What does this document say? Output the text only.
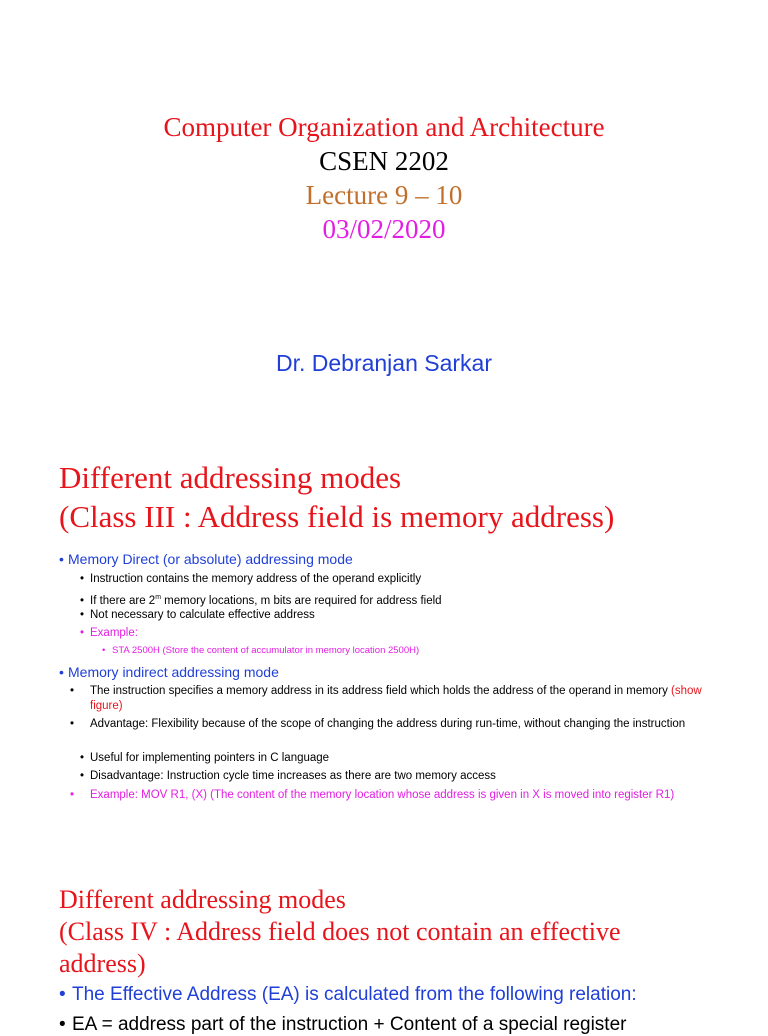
Computer Organization and Architecture
CSEN 2202
Lecture 9 – 10
03/02/2020
Dr. Debranjan Sarkar
Different addressing modes
(Class III : Address field is memory address)
• Memory Direct (or absolute) addressing mode
• Instruction contains the memory address of the operand explicitly
• If there are 2$^m$ memory locations, m bits are required for address field
• Not necessary to calculate effective address
• Example:
• STA 2500H (Store the content of accumulator in memory location 2500H)
• Memory indirect addressing mode
• The instruction specifies a memory address in its address field which holds the address of the operand in memory (show figure)
• Advantage: Flexibility because of the scope of changing the address during run-time, without changing the instruction
• Useful for implementing pointers in C language
• Disadvantage: Instruction cycle time increases as there are two memory access
• Example: MOV R1, (X) (The content of the memory location whose address is given in X is moved into register R1)
Different addressing modes
(Class IV : Address field does not contain an effective
address)
• The Effective Address (EA) is calculated from the following relation:
• EA = address part of the instruction + Content of a special register
